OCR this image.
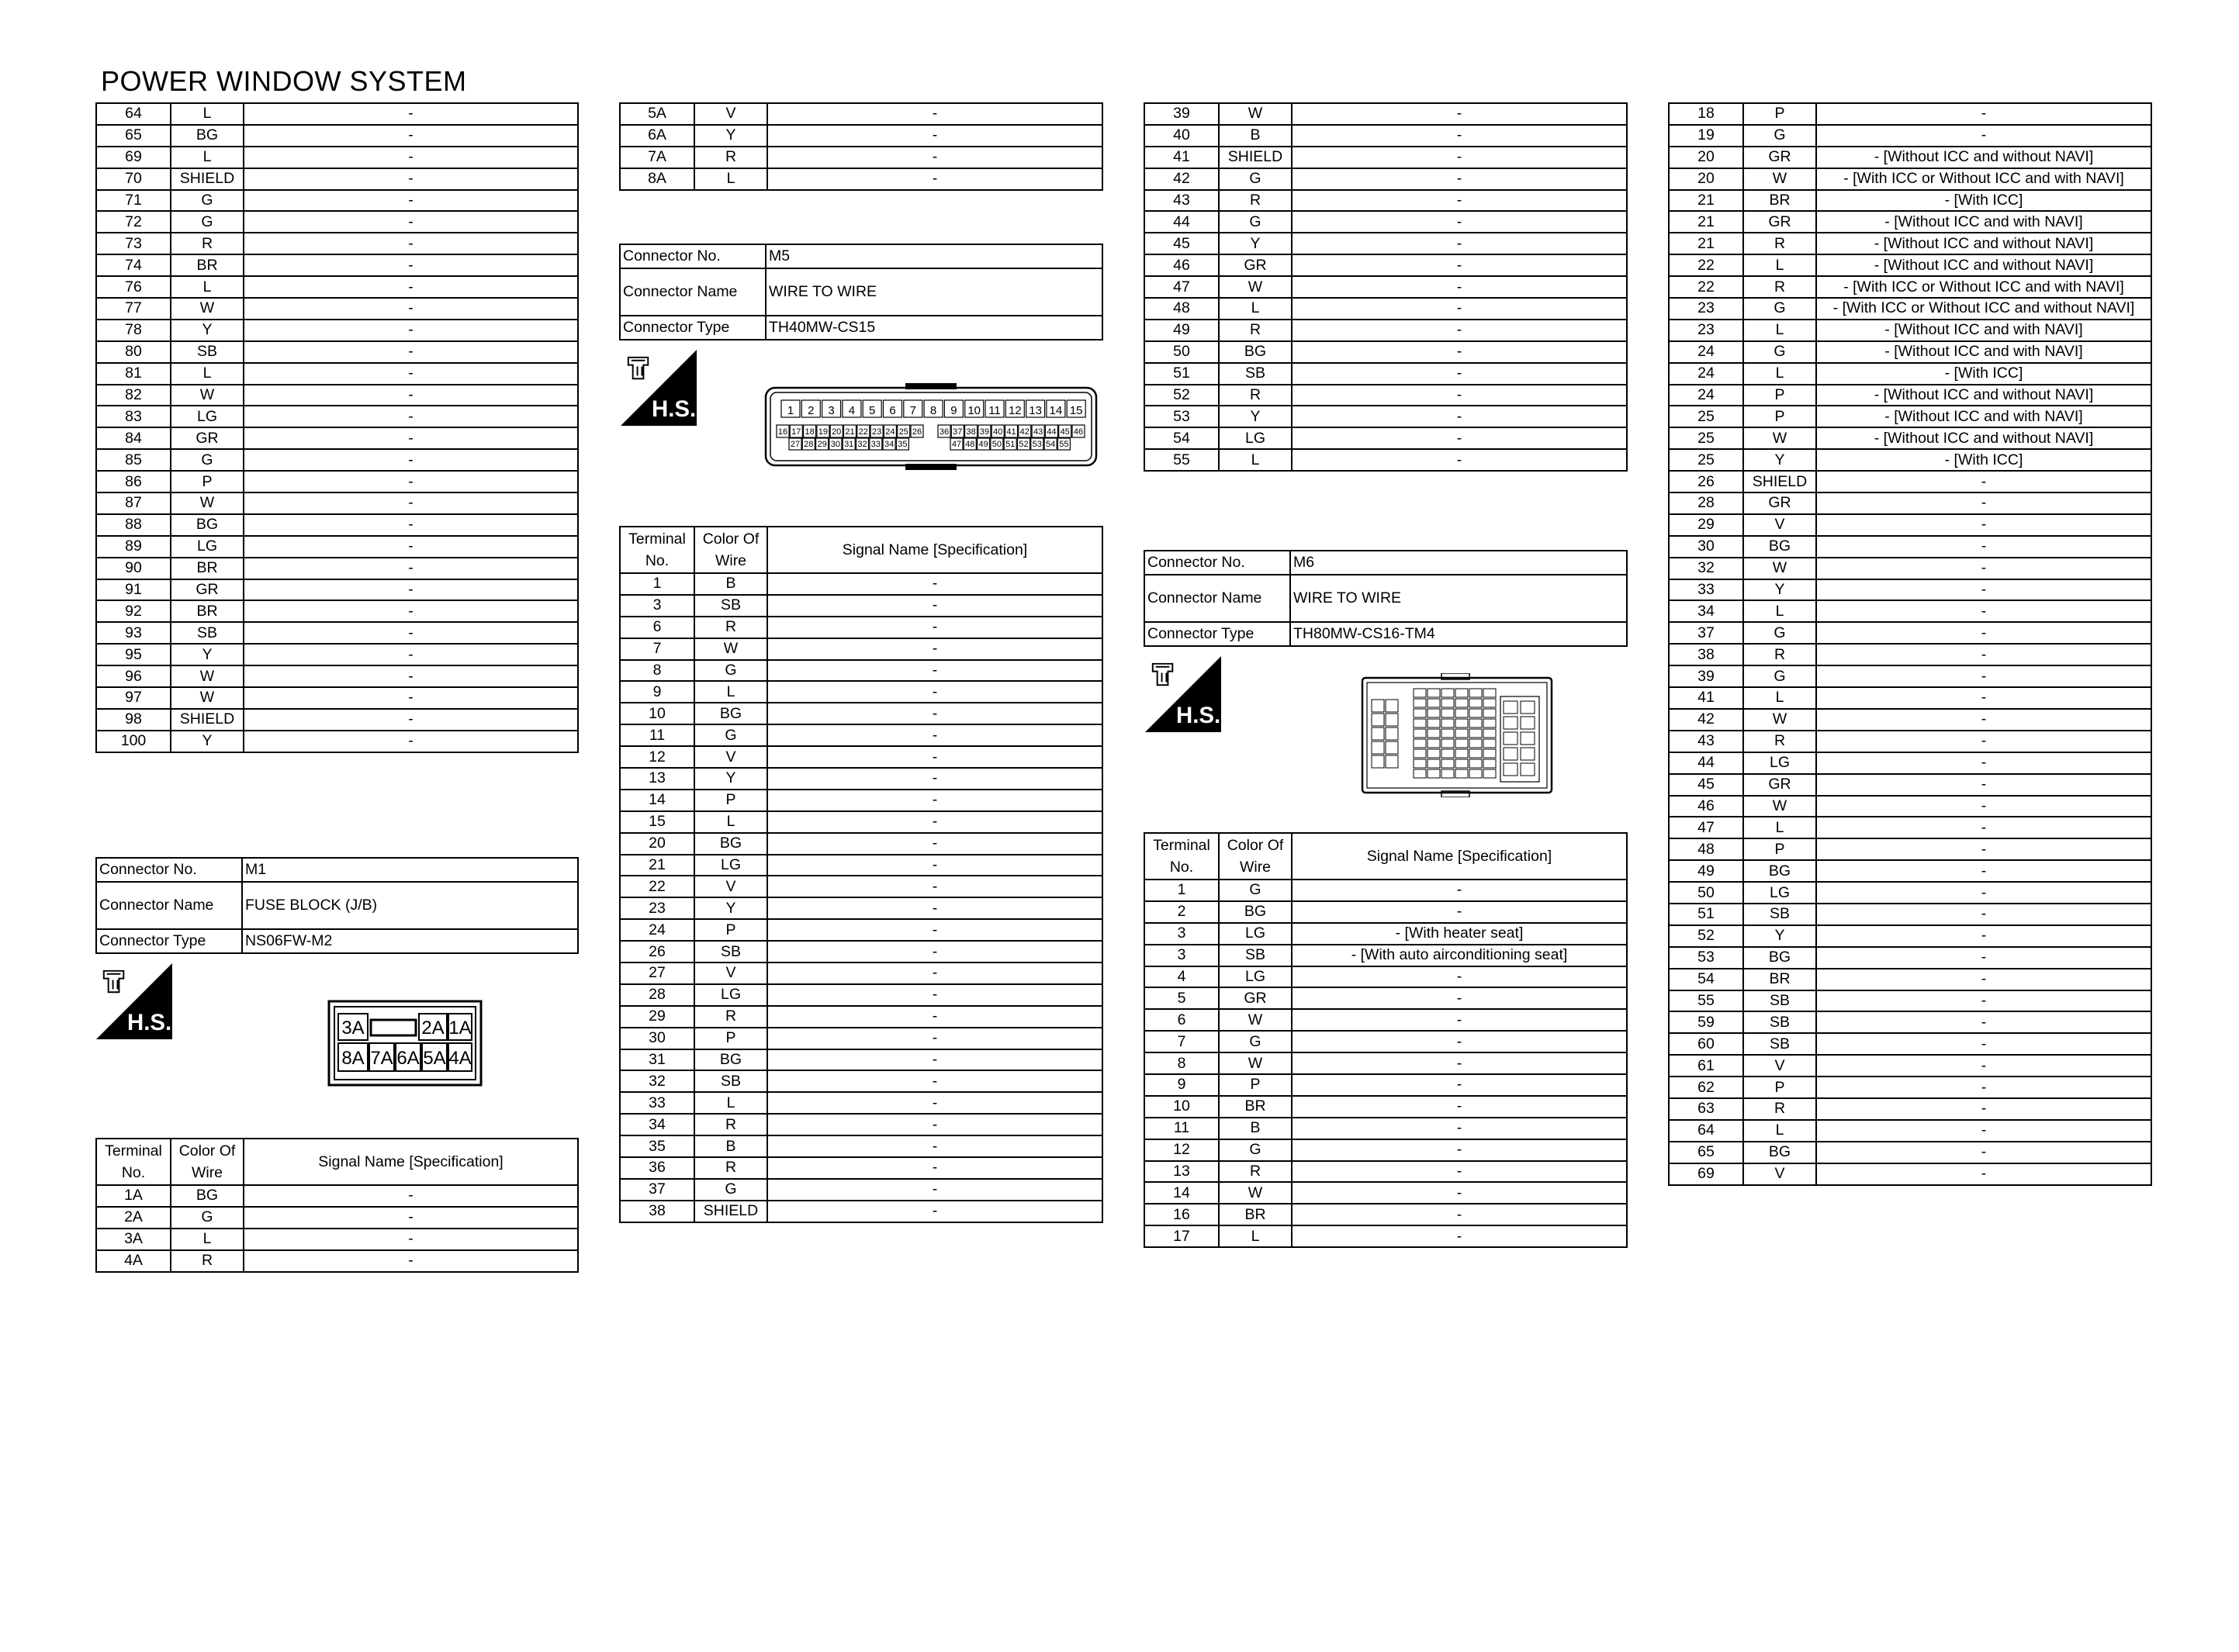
POWER WINDOW SYSTEM
64	L	-
65	BG	-
69	L	-
70	SHIELD	-
71	G	-
72	G	-
73	R	-
74	BR	-
76	L	-
77	W	-
78	Y	-
80	SB	-
81	L	-
82	W	-
83	LG	-
84	GR	-
85	G	-
86	P	-
87	W	-
88	BG	-
89	LG	-
90	BR	-
91	GR	-
92	BR	-
93	SB	-
95	Y	-
96	W	-
97	W	-
98	SHIELD	-
100	Y	-
Connector No.	M1
Connector Name	FUSE BLOCK (J/B)
Connector Type	NS06FW-M2
H.S.	3A	2A 1A
8A 7A 6A 5A 4A
Terminal No.	Color Of Wire	Signal Name [Specification]
1A	BG	-
2A	G	-
3A	L	-
4A	R	-
5A	V	-
6A	Y	-
7A	R	-
8A	L	-
Connector No.	M5
Connector Name	WIRE TO WIRE
Connector Type	TH40MW-CS15
H.S.	1 2 3 4 5 6 7 8 9 10 11 12 13 14 15
16 17 18 19 20 21 22 23 24 25 26 36 37 38 39 40 41 42 43 44 45 46
27 28 29 30 31 32 33 34 35	47 48 49 50 51 52 53 54 55
Terminal No.	Color Of Wire	Signal Name [Specification]
1	B	-
3	SB	-
6	R	-
7	W	-
8	G	-
9	L	-
10	BG	-
11	G	-
12	V	-
13	Y	-
14	P	-
15	L	-
20	BG	-
21	LG	-
22	V	-
23	Y	-
24	P	-
26	SB	-
27	V	-
28	LG	-
29	R	-
30	P	-
31	BG	-
32	SB	-
33	L	-
34	R	-
35	B	-
36	R	-
37	G	-
38	SHIELD	-
39	W	-
40	B	-
41	SHIELD	-
42	G	-
43	R	-
44	G	-
45	Y	-
46	GR	-
47	W	-
48	L	-
49	R	-
50	BG	-
51	SB	-
52	R	-
53	Y	-
54	LG	-
55	L	-
Connector No.	M6
Connector Name	WIRE TO WIRE
Connector Type	TH80MW-CS16-TM4
H.S.
Terminal No.	Color Of Wire	Signal Name [Specification]
1	G	-
2	BG	-
3	LG	- [With heater seat]
3	SB	- [With auto airconditioning seat]
4	LG	-
5	GR	-
6	W	-
7	G	-
8	W	-
9	P	-
10	BR	-
11	B	-
12	G	-
13	R	-
14	W	-
16	BR	-
17	L	-
18	P	-
19	G	-
20	GR	- [Without ICC and without NAVI]
20	W	- [With ICC or Without ICC and with NAVI]
21	BR	- [With ICC]
21	GR	- [Without ICC and with NAVI]
21	R	- [Without ICC and without NAVI]
22	L	- [Without ICC and without NAVI]
22	R	- [With ICC or Without ICC and with NAVI]
23	G	- [With ICC or Without ICC and without NAVI]
23	L	- [Without ICC and with NAVI]
24	G	- [Without ICC and with NAVI]
24	L	- [With ICC]
24	P	- [Without ICC and without NAVI]
25	P	- [Without ICC and with NAVI]
25	W	- [Without ICC and without NAVI]
25	Y	- [With ICC]
26	SHIELD	-
28	GR	-
29	V	-
30	BG	-
32	W	-
33	Y	-
34	L	-
37	G	-
38	R	-
39	G	-
41	L	-
42	W	-
43	R	-
44	LG	-
45	GR	-
46	W	-
47	L	-
48	P	-
49	BG	-
50	LG	-
51	SB	-
52	Y	-
53	BG	-
54	BR	-
55	SB	-
59	SB	-
60	SB	-
61	V	-
62	P	-
63	R	-
64	L	-
65	BG	-
69	V	-
